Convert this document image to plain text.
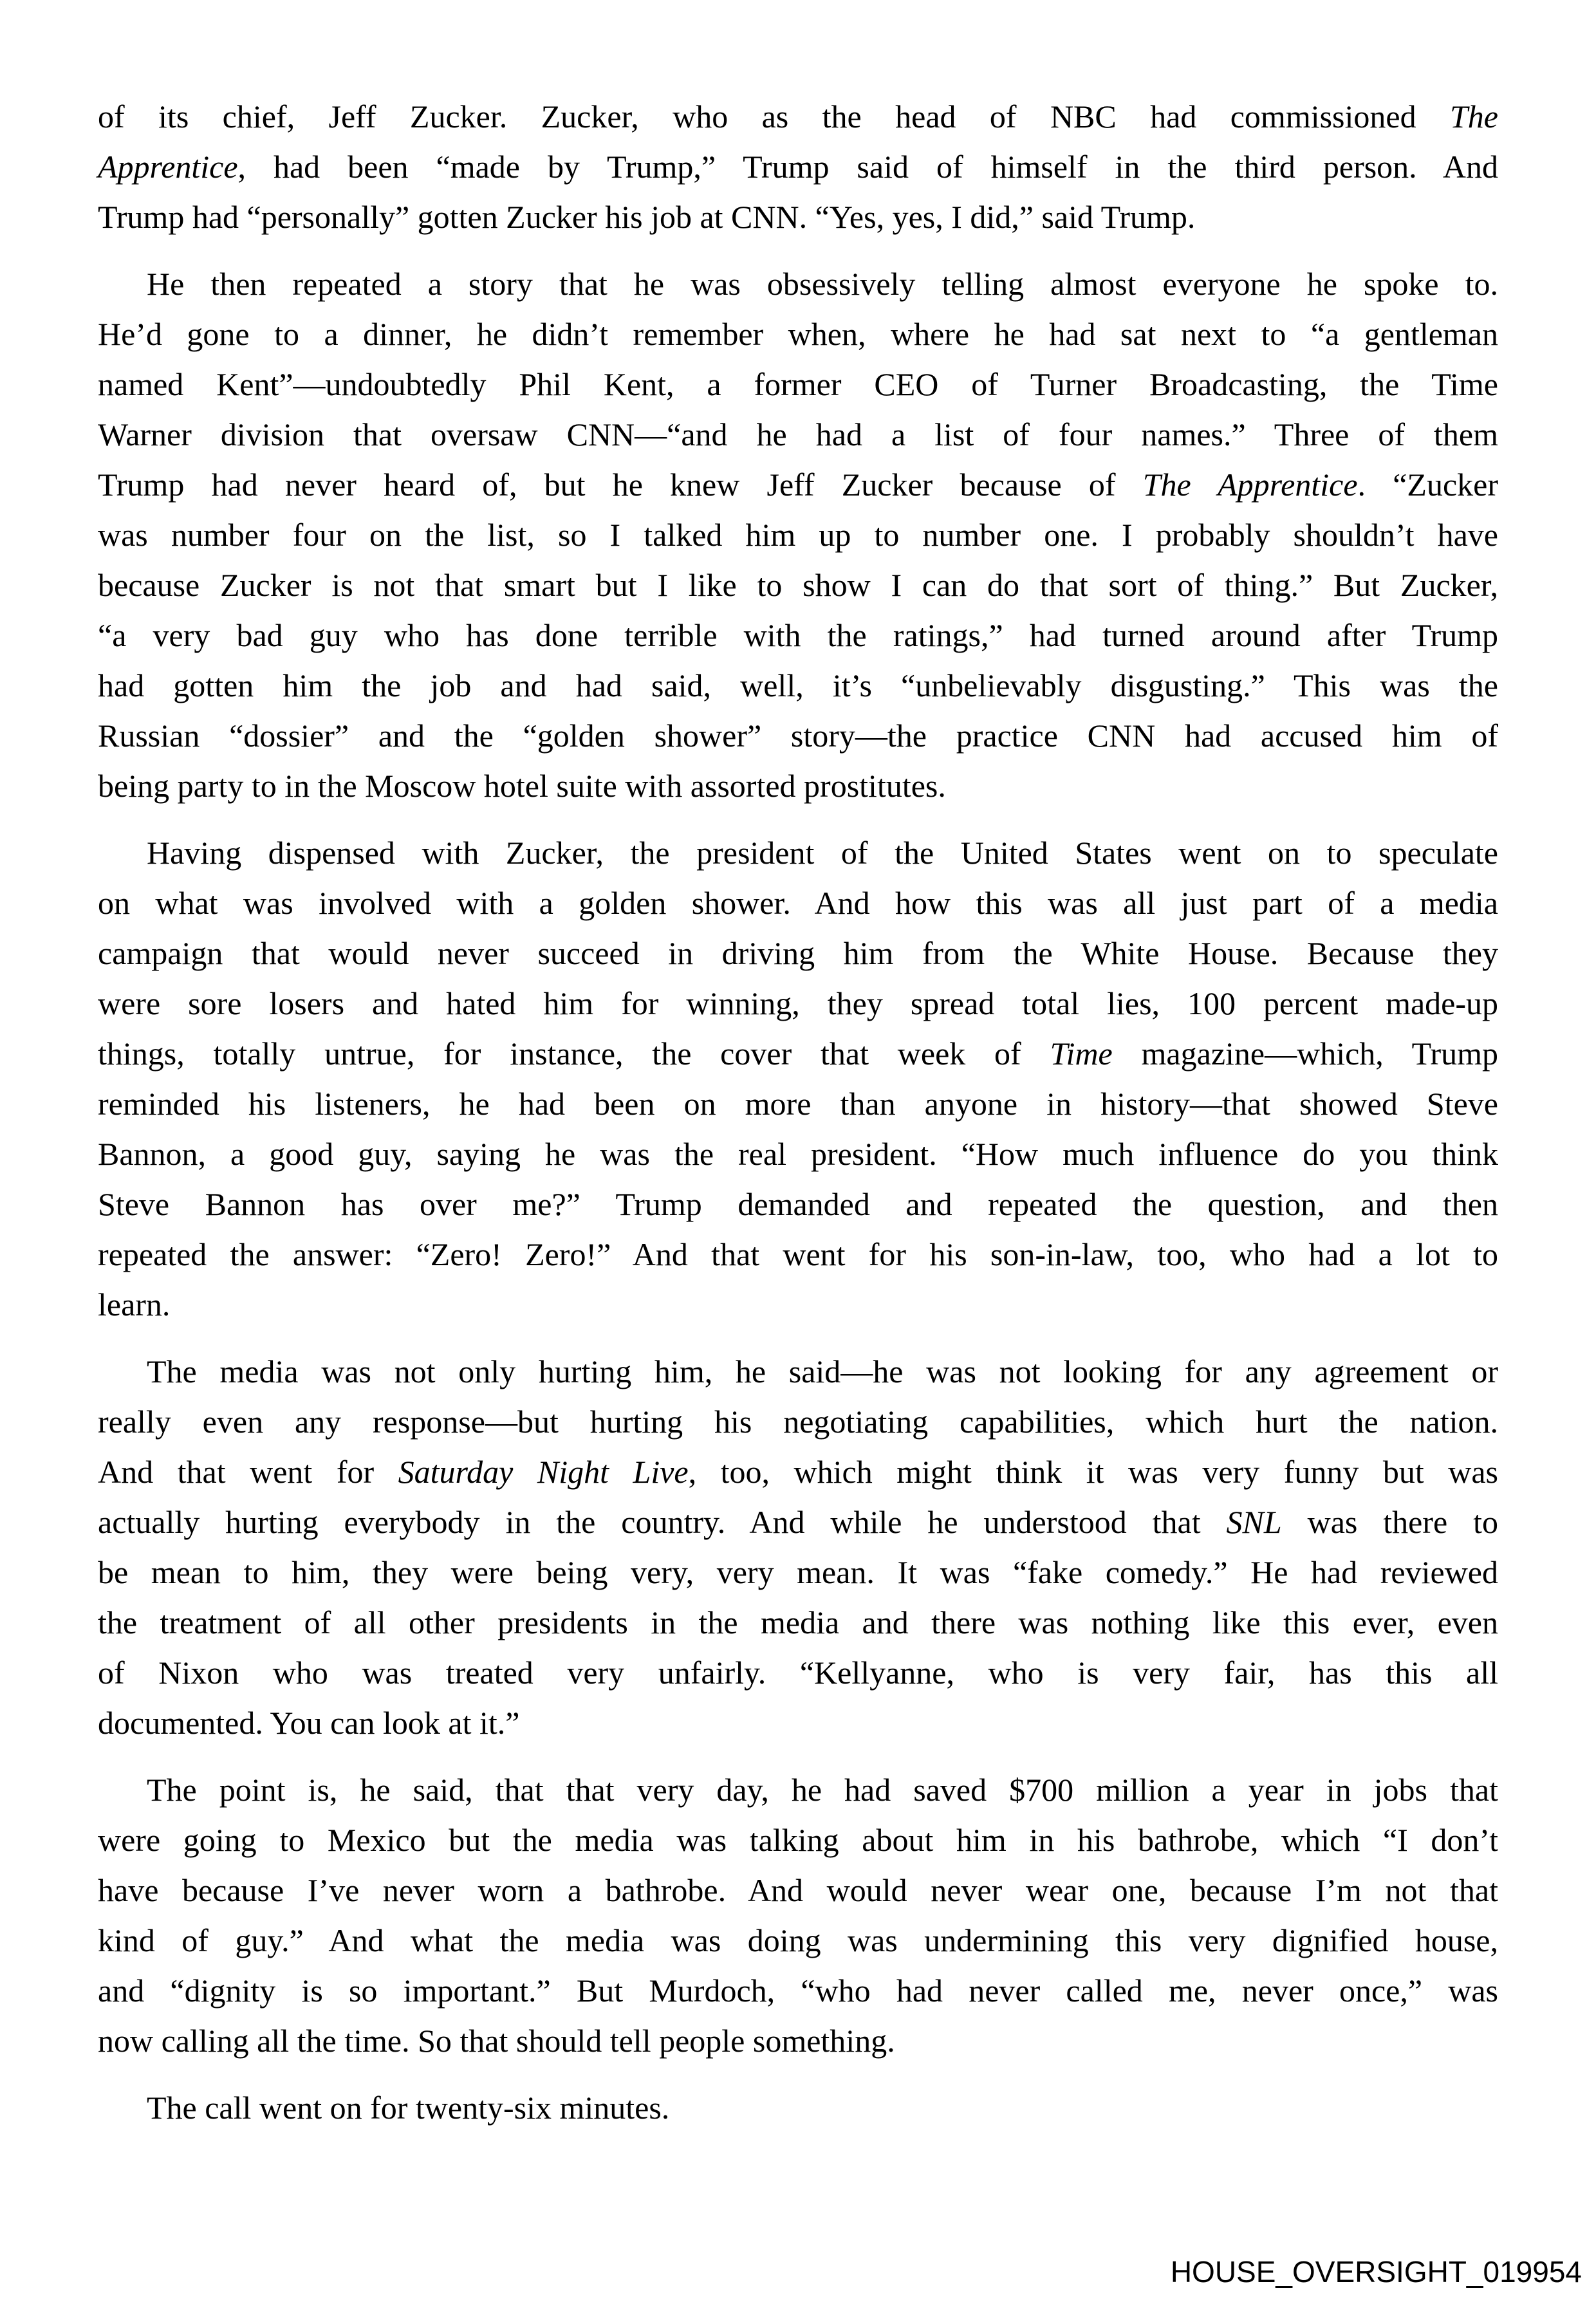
of its chief, Jeff Zucker. Zucker, who as the head of NBC had commissioned The
Apprentice, had been “made by Trump,” Trump said of himself in the third person. And
Trump had “personally” gotten Zucker his job at CNN. “Yes, yes, I did,” said Trump.
He then repeated a story that he was obsessively telling almost everyone he spoke to.
He’d gone to a dinner, he didn’t remember when, where he had sat next to “a gentleman
named Kent”—undoubtedly Phil Kent, a former CEO of Turner Broadcasting, the Time
Warner division that oversaw CNN—“and he had a list of four names.” Three of them
Trump had never heard of, but he knew Jeff Zucker because of The Apprentice. “Zucker
was number four on the list, so I talked him up to number one. I probably shouldn’t have
because Zucker is not that smart but I like to show I can do that sort of thing.” But Zucker,
“a very bad guy who has done terrible with the ratings,” had turned around after Trump
had gotten him the job and had said, well, it’s “unbelievably disgusting.” This was the
Russian “dossier” and the “golden shower” story—the practice CNN had accused him of
being party to in the Moscow hotel suite with assorted prostitutes.
Having dispensed with Zucker, the president of the United States went on to speculate
on what was involved with a golden shower. And how this was all just part of a media
campaign that would never succeed in driving him from the White House. Because they
were sore losers and hated him for winning, they spread total lies, 100 percent made-up
things, totally untrue, for instance, the cover that week of Time magazine—which, Trump
reminded his listeners, he had been on more than anyone in history—that showed Steve
Bannon, a good guy, saying he was the real president. “How much influence do you think
Steve Bannon has over me?” Trump demanded and repeated the question, and then
repeated the answer: “Zero! Zero!” And that went for his son-in-law, too, who had a lot to
learn.
The media was not only hurting him, he said—he was not looking for any agreement or
really even any response—but hurting his negotiating capabilities, which hurt the nation.
And that went for Saturday Night Live, too, which might think it was very funny but was
actually hurting everybody in the country. And while he understood that SNL was there to
be mean to him, they were being very, very mean. It was “fake comedy.” He had reviewed
the treatment of all other presidents in the media and there was nothing like this ever, even
of Nixon who was treated very unfairly. “Kellyanne, who is very fair, has this all
documented. You can look at it.”
The point is, he said, that that very day, he had saved $700 million a year in jobs that
were going to Mexico but the media was talking about him in his bathrobe, which “I don’t
have because I’ve never worn a bathrobe. And would never wear one, because I’m not that
kind of guy.” And what the media was doing was undermining this very dignified house,
and “dignity is so important.” But Murdoch, “who had never called me, never once,” was
now calling all the time. So that should tell people something.
The call went on for twenty-six minutes.
HOUSE_OVERSIGHT_019954
